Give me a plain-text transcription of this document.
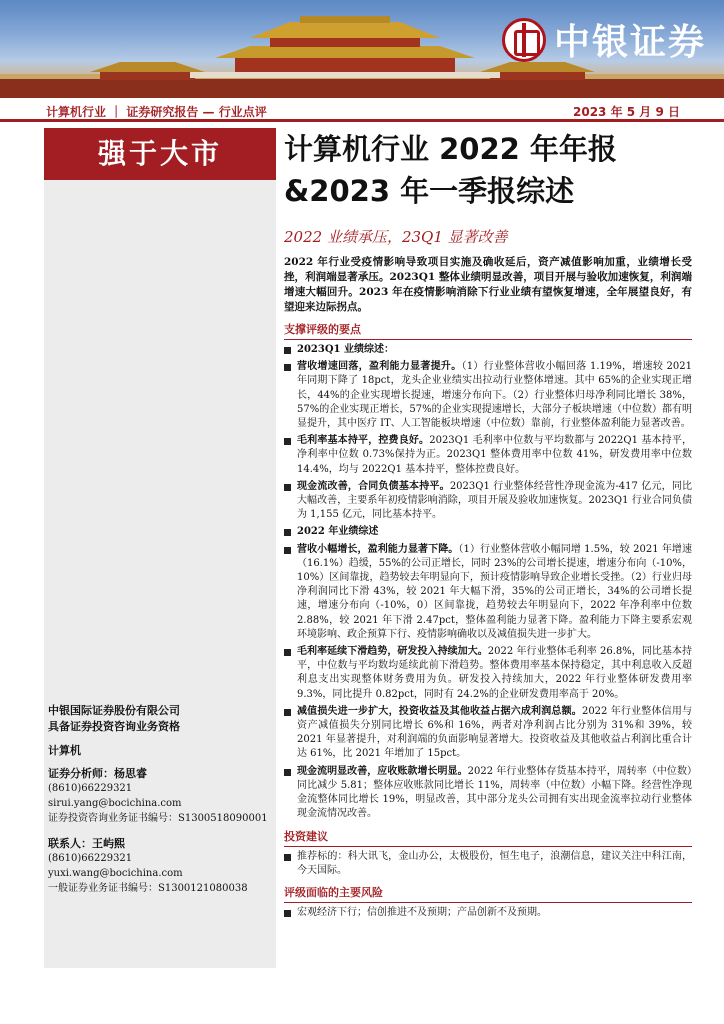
中银证券
计算机行业 ｜ 证券研究报告 — 行业点评	2023 年 5 月 9 日
强于大市
中银国际证券股份有限公司
具备证券投资咨询业务资格
计算机
证券分析师：杨思睿
(8610)66229321
sirui.yang@bocichina.com
证券投资咨询业务证书编号：S1300518090001
联系人：王屿熙
(8610)66229321
yuxi.wang@bocichina.com
一般证券业务证书编号：S1300121080038
计算机行业 2022 年年报
&2023 年一季报综述
2022 业绩承压，23Q1 显著改善
2022 年行业受疫情影响导致项目实施及确收延后，资产减值影响加重，业绩增长受挫，利润端显著承压。2023Q1 整体业绩明显改善，项目开展与验收加速恢复，利润端增速大幅回升。2023 年在疫情影响消除下行业业绩有望恢复增速，全年展望良好，有望迎来边际拐点。
支撑评级的要点
2023Q1 业绩综述：
营收增速回落，盈利能力显著提升。（1）行业整体营收小幅回落 1.19%，增速较 2021 年同期下降了 18pct，龙头企业业绩实出拉动行业整体增速。其中 65%的企业实现正增长，44%的企业实现增长提速，增速分布向下。（2）行业整体归母净利同比增长 38%，57%的企业实现正增长，57%的企业实现提速增长，大部分子板块增速（中位数）都有明显提升，其中医疗 IT、人工智能板块增速（中位数）靠前，行业整体盈利能力显著改善。
毛利率基本持平，控费良好。2023Q1 毛利率中位数与平均数都与 2022Q1 基本持平，净利率中位数 0.73%保持为正。2023Q1 整体费用率中位数 41%，研发费用率中位数 14.4%，均与 2022Q1 基本持平，整体控费良好。
现金流改善，合同负债基本持平。2023Q1 行业整体经营性净现金流为-417 亿元，同比大幅改善，主要系年初疫情影响消除，项目开展及验收加速恢复。2023Q1 行业合同负债为 1,155 亿元，同比基本持平。
2022 年业绩综述
营收小幅增长，盈利能力显著下降。（1）行业整体营收小幅同增 1.5%，较 2021 年增速（16.1%）趋缓，55%的公司正增长，同时 23%的公司增长提速，增速分布向（-10%，10%）区间靠拢，趋势较去年明显向下，预计疫情影响导致企业增长受挫。（2）行业归母净利润同比下滑 43%，较 2021 年大幅下滑，35%的公司正增长，34%的公司增长提速，增速分布向（-10%，0）区间靠拢，趋势较去年明显向下，2022 年净利率中位数 2.88%，较 2021 年下滑 2.47pct，整体盈利能力显著下降。盈利能力下降主要系宏观环境影响、政企预算下行、疫情影响确收以及减值损失进一步扩大。
毛利率延续下滑趋势，研发投入持续加大。2022 年行业整体毛利率 26.8%，同比基本持平，中位数与平均数均延续此前下滑趋势。整体费用率基本保持稳定，其中利息收入反超利息支出实现整体财务费用为负。研发投入持续加大，2022 年行业整体研发费用率 9.3%，同比提升 0.82pct，同时有 24.2%的企业研发费用率高于 20%。
减值损失进一步扩大，投资收益及其他收益占据六成利润总额。2022 年行业整体信用与资产减值损失分别同比增长 6%和 16%，两者对净利润占比分别为 31%和 39%，较 2021 年显著提升，对利润端的负面影响显著增大。投资收益及其他收益占利润比重合计达 61%，比 2021 年增加了 15pct。
现金流明显改善，应收账款增长明显。2022 年行业整体存货基本持平，周转率（中位数）同比减少 5.81；整体应收账款同比增长 11%，周转率（中位数）小幅下降。经营性净现金流整体同比增长 19%，明显改善，其中部分龙头公司拥有实出现金流率拉动行业整体现金流情况改善。
投资建议
推荐标的：科大讯飞，金山办公，太极股份，恒生电子，浪潮信息，建议关注中科江南，今天国际。
评级面临的主要风险
宏观经济下行；信创推进不及预期；产品创新不及预期。
